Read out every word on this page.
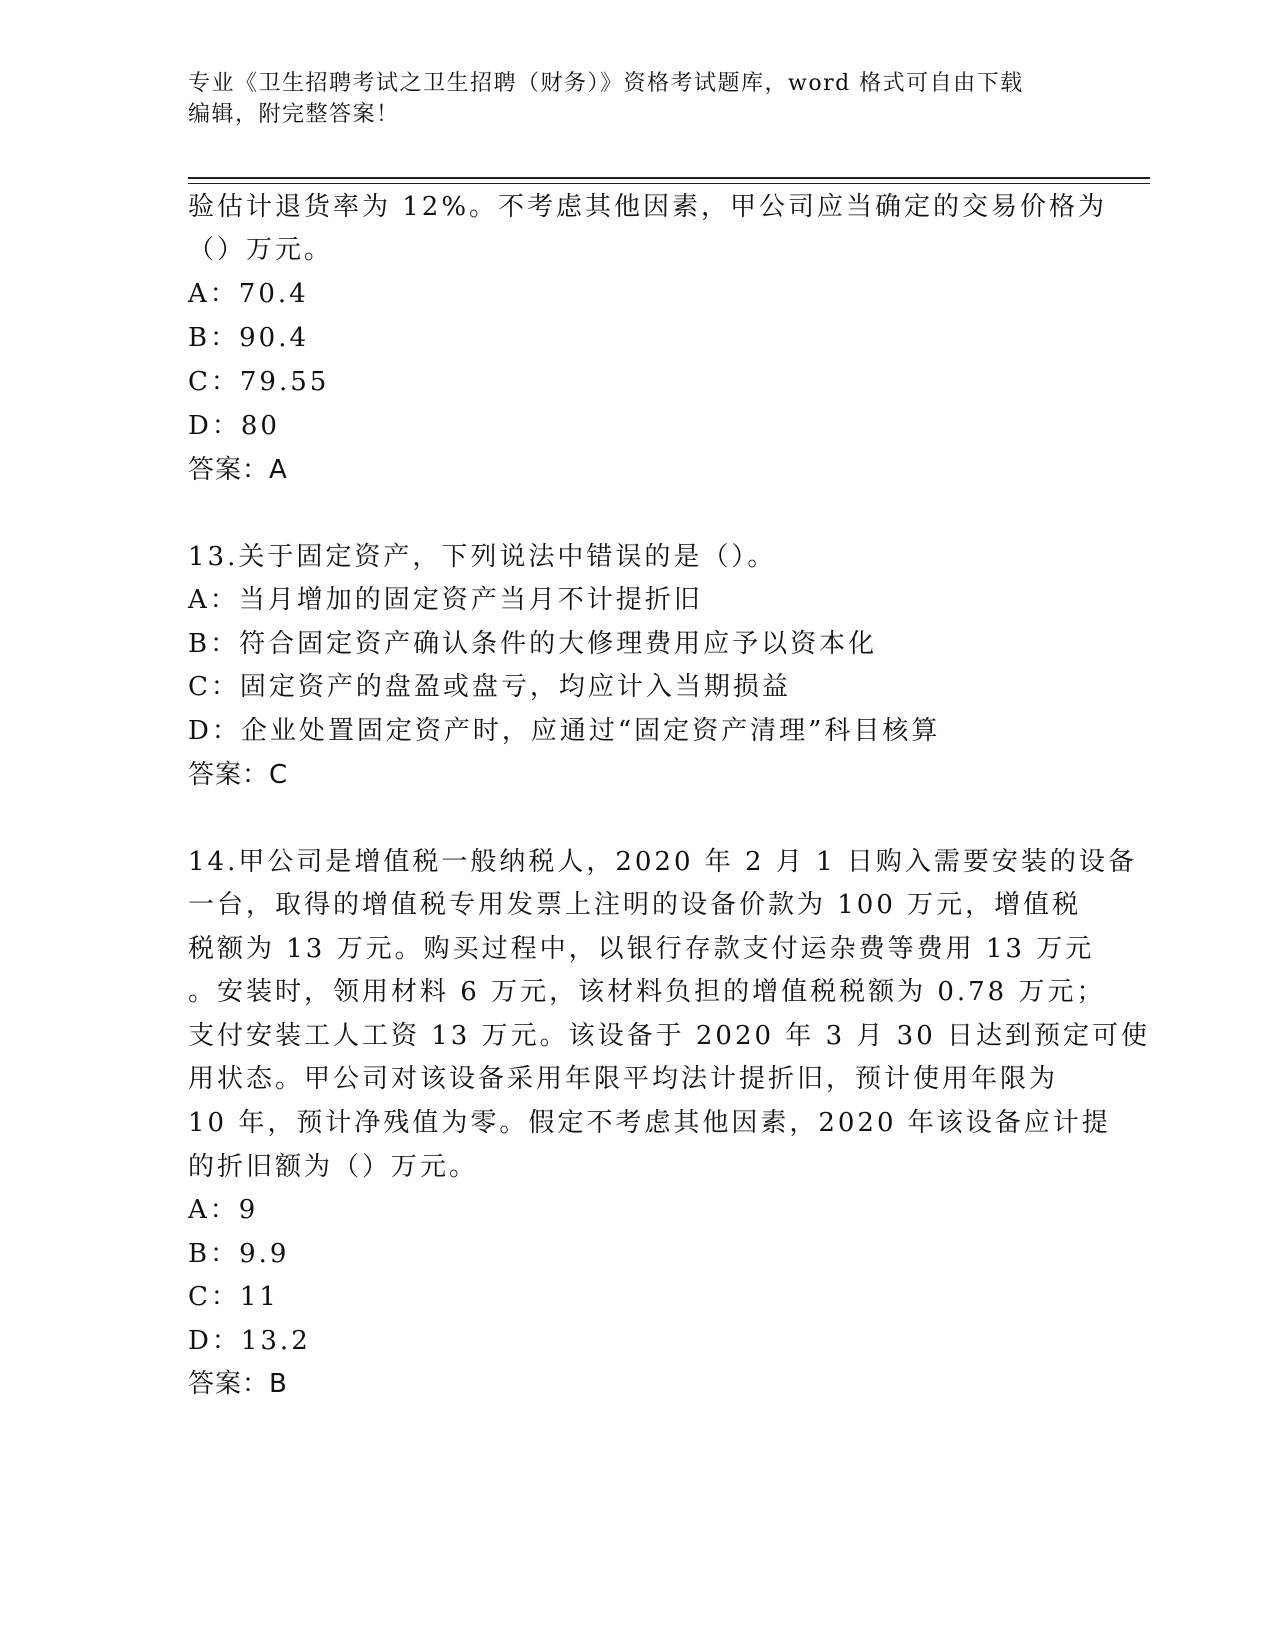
专业《卫生招聘考试之卫生招聘（财务）》资格考试题库，word 格式可自由下载
编辑，附完整答案！
验估计退货率为 12%。不考虑其他因素，甲公司应当确定的交易价格为
（）万元。
A：70.4
B：90.4
C：79.55
D：80
答案：A
13.关于固定资产，下列说法中错误的是（）。
A：当月增加的固定资产当月不计提折旧
B：符合固定资产确认条件的大修理费用应予以资本化
C：固定资产的盘盈或盘亏，均应计入当期损益
D：企业处置固定资产时，应通过“固定资产清理”科目核算
答案：C
14.甲公司是增值税一般纳税人，2020 年 2 月 1 日购入需要安装的设备
一台，取得的增值税专用发票上注明的设备价款为 100 万元，增值税
税额为 13 万元。购买过程中，以银行存款支付运杂费等费用 13 万元
。安装时，领用材料 6 万元，该材料负担的增值税税额为 0.78 万元；
支付安装工人工资 13 万元。该设备于 2020 年 3 月 30 日达到预定可使
用状态。甲公司对该设备采用年限平均法计提折旧，预计使用年限为
10 年，预计净残值为零。假定不考虑其他因素，2020 年该设备应计提
的折旧额为（）万元。
A：9
B：9.9
C：11
D：13.2
答案：B
